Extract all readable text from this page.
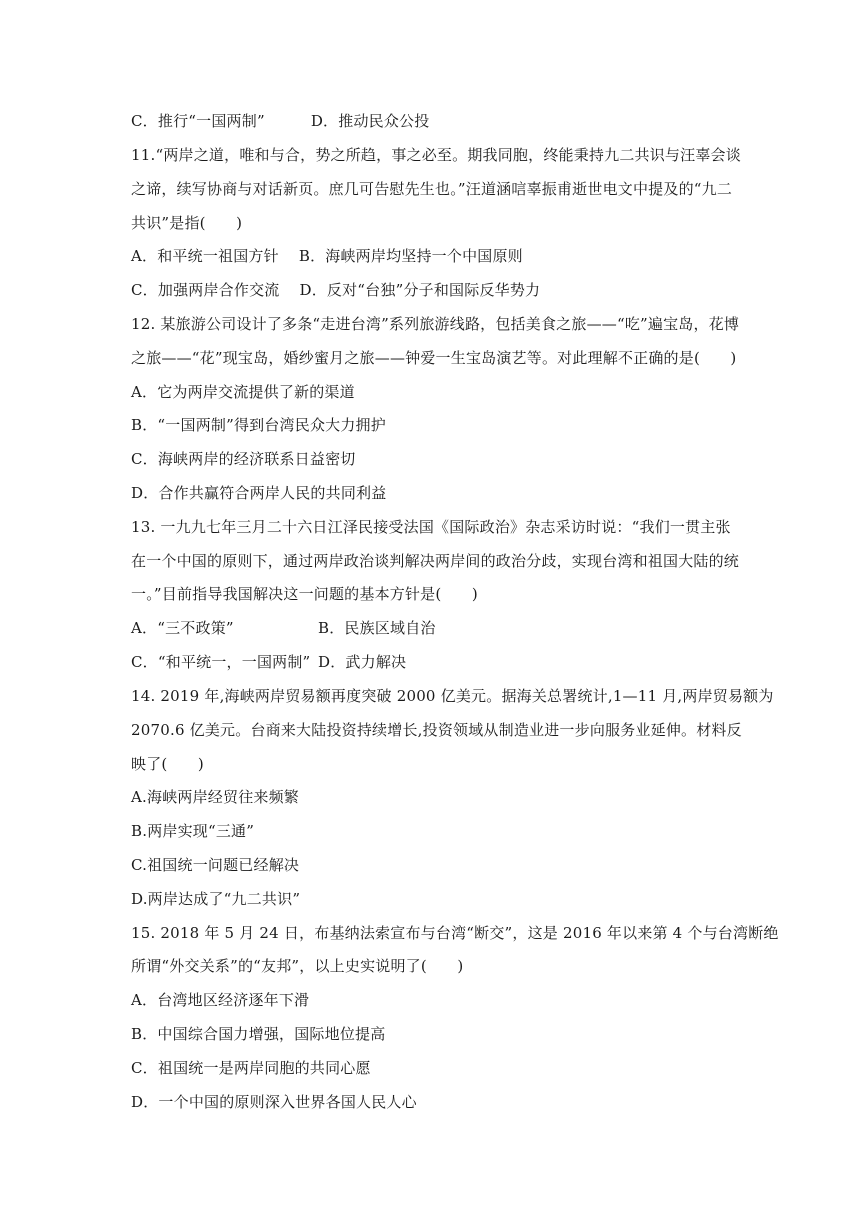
C．推行“一国两制”	D．推动民众公投
11.“两岸之道，唯和与合，势之所趋，事之必至。期我同胞，终能秉持九二共识与汪辜会谈
之谛，续写协商与对话新页。庶几可告慰先生也。”汪道涵唁辜振甫逝世电文中提及的“九二
共识”是指(　　)
A．和平统一祖国方针 B．海峡两岸均坚持一个中国原则
C．加强两岸合作交流 D．反对“台独”分子和国际反华势力
12. 某旅游公司设计了多条“走进台湾”系列旅游线路，包括美食之旅——“吃”遍宝岛，花博
之旅——“花”现宝岛，婚纱蜜月之旅——钟爱一生宝岛演艺等。对此理解不正确的是(　　)
A．它为两岸交流提供了新的渠道
B．“一国两制”得到台湾民众大力拥护
C．海峡两岸的经济联系日益密切
D．合作共赢符合两岸人民的共同利益
13. 一九九七年三月二十六日江泽民接受法国《国际政治》杂志采访时说：“我们一贯主张
在一个中国的原则下，通过两岸政治谈判解决两岸间的政治分歧，实现台湾和祖国大陆的统
一。”目前指导我国解决这一问题的基本方针是(　　)
A．“三不政策”	B．民族区域自治
C．“和平统一，一国两制” D．武力解决
14. 2019 年,海峡两岸贸易额再度突破 2000 亿美元。据海关总署统计,1—11 月,两岸贸易额为
2070.6 亿美元。台商来大陆投资持续增长,投资领域从制造业进一步向服务业延伸。材料反
映了(　　)
A.海峡两岸经贸往来频繁
B.两岸实现“三通”
C.祖国统一问题已经解决
D.两岸达成了“九二共识”
15. 2018 年 5 月 24 日，布基纳法索宣布与台湾“断交”，这是 2016 年以来第 4 个与台湾断绝
所谓“外交关系”的“友邦”，以上史实说明了(　　)
A．台湾地区经济逐年下滑
B．中国综合国力增强，国际地位提高
C．祖国统一是两岸同胞的共同心愿
D．一个中国的原则深入世界各国人民人心
